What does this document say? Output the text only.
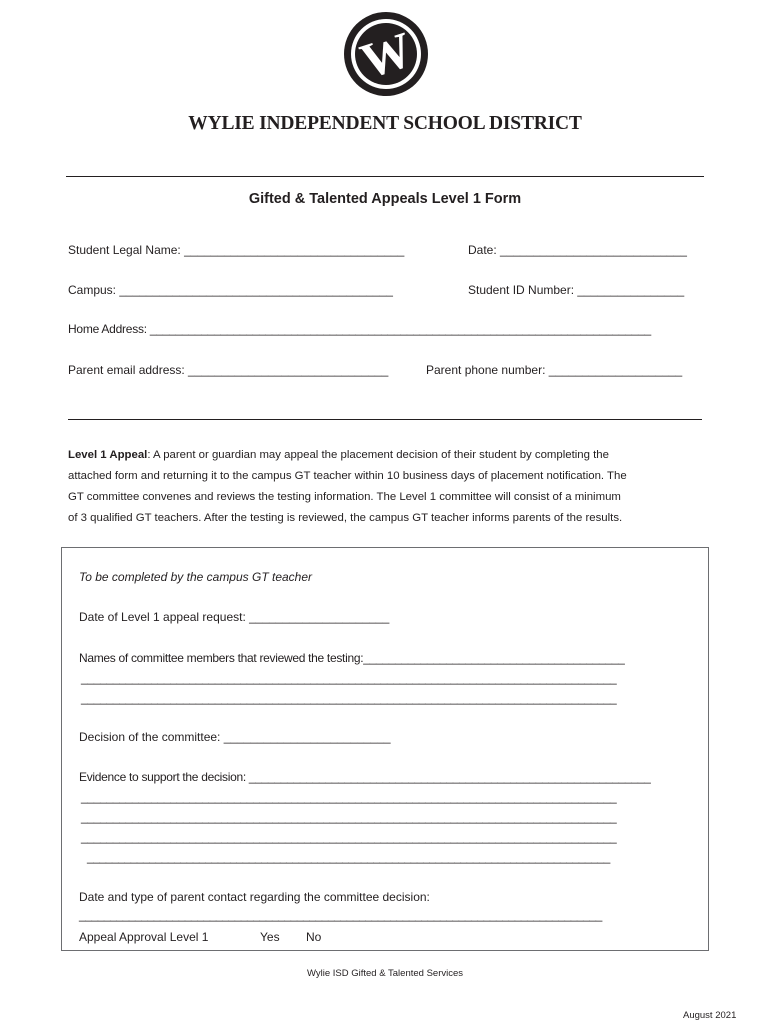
W
WYLIE INDEPENDENT SCHOOL DISTRICT
Gifted & Talented Appeals Level 1 Form
Student Legal Name: _________________________________	Date: ____________________________
Campus: _________________________________________	Student ID Number: ________________
Home Address: ______________________________________________________________________________
Parent email address: ______________________________	Parent phone number: ____________________
Level 1 Appeal: A parent or guardian may appeal the placement decision of their student by completing the
attached form and returning it to the campus GT teacher within 10 business days of placement notification. The
GT committee convenes and reviews the testing information. The Level 1 committee will consist of a minimum
of 3 qualified GT teachers. After the testing is reviewed, the campus GT teacher informs parents of the results.
To be completed by the campus GT teacher
Date of Level 1 appeal request: _____________________
Names of committee members that reviewed the testing:_________________________________________
____________________________________________________________________________________
____________________________________________________________________________________
Decision of the committee: _________________________
Evidence to support the decision: _______________________________________________________________
____________________________________________________________________________________
____________________________________________________________________________________
____________________________________________________________________________________
____________________________________________________________________________________
Date and type of parent contact regarding the committee decision:
____________________________________________________________________________________
Appeal Approval Level 1	Yes No
Wylie ISD Gifted & Talented Services
August 2021
